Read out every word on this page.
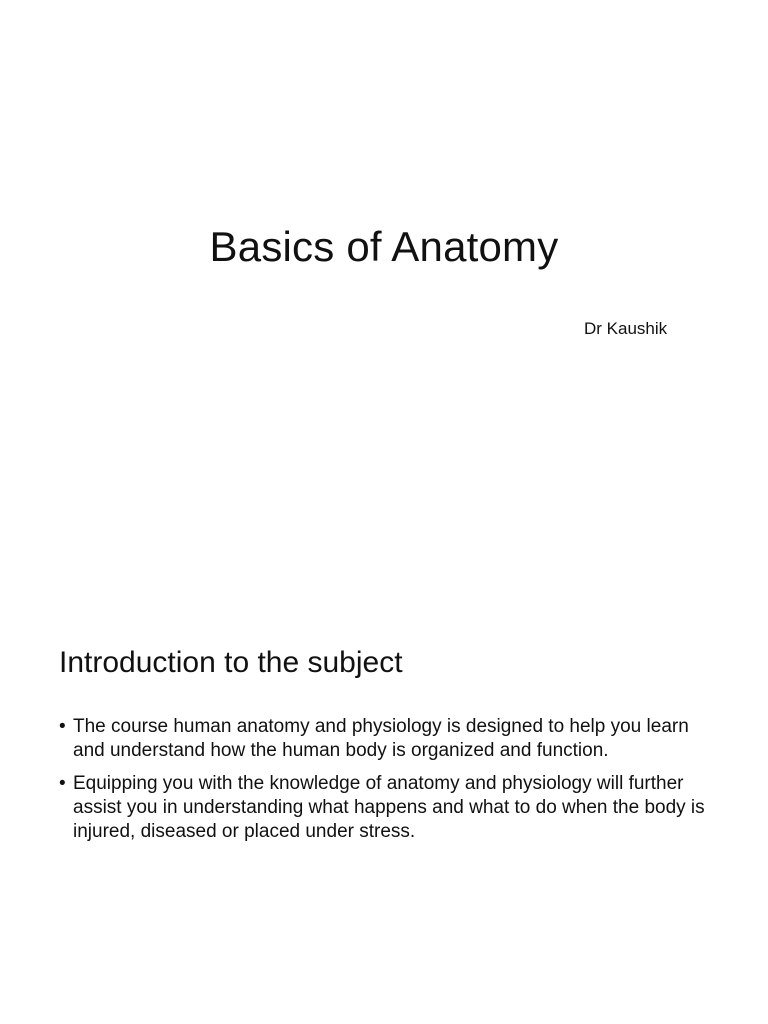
Basics of Anatomy
Dr Kaushik
Introduction to the subject
• The course human anatomy and physiology is designed to help you learn and understand how the human body is organized and function.
• Equipping you with the knowledge of anatomy and physiology will further assist you in understanding what happens and what to do when the body is injured, diseased or placed under stress.
